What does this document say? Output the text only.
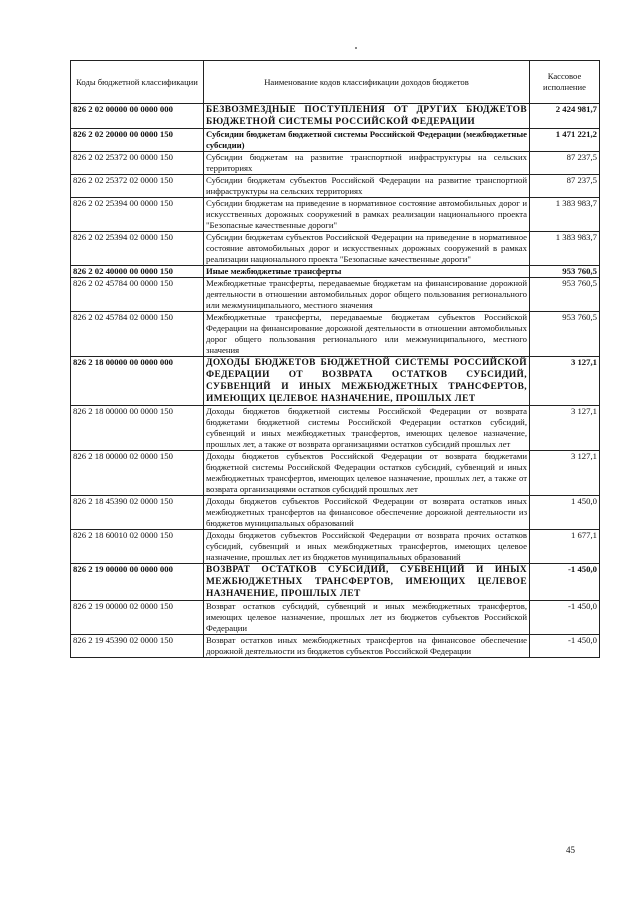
Коды бюджетной классификации	Наименование кодов классификации доходов бюджетов	Кассовое исполнение
826 2 02 00000 00 0000 000	БЕЗВОЗМЕЗДНЫЕ ПОСТУПЛЕНИЯ ОТ ДРУГИХ БЮДЖЕТОВ БЮДЖЕТНОЙ СИСТЕМЫ РОССИЙСКОЙ ФЕДЕРАЦИИ	2 424 981,7
826 2 02 20000 00 0000 150	Субсидии бюджетам бюджетной системы Российской Федерации (межбюджетные субсидии)	1 471 221,2
826 2 02 25372 00 0000 150	Субсидии бюджетам на развитие транспортной инфраструктуры на сельских территориях	87 237,5
826 2 02 25372 02 0000 150	Субсидии бюджетам субъектов Российской Федерации на развитие транспортной инфраструктуры на сельских территориях	87 237,5
826 2 02 25394 00 0000 150	Субсидии бюджетам на приведение в нормативное состояние автомобильных дорог и искусственных дорожных сооружений в рамках реализации национального проекта "Безопасные качественные дороги"	1 383 983,7
826 2 02 25394 02 0000 150	Субсидии бюджетам субъектов Российской Федерации на приведение в нормативное состояние автомобильных дорог и искусственных дорожных сооружений в рамках реализации национального проекта "Безопасные качественные дороги"	1 383 983,7
826 2 02 40000 00 0000 150	Иные межбюджетные трансферты	953 760,5
826 2 02 45784 00 0000 150	Межбюджетные трансферты, передаваемые бюджетам на финансирование дорожной деятельности в отношении автомобильных дорог общего пользования регионального или межмуниципального, местного значения	953 760,5
826 2 02 45784 02 0000 150	Межбюджетные трансферты, передаваемые бюджетам субъектов Российской Федерации на финансирование дорожной деятельности в отношении автомобильных дорог общего пользования регионального или межмуниципального, местного значения	953 760,5
826 2 18 00000 00 0000 000	ДОХОДЫ БЮДЖЕТОВ БЮДЖЕТНОЙ СИСТЕМЫ РОССИЙСКОЙ ФЕДЕРАЦИИ ОТ ВОЗВРАТА ОСТАТКОВ СУБСИДИЙ, СУБВЕНЦИЙ И ИНЫХ МЕЖБЮДЖЕТНЫХ ТРАНСФЕРТОВ, ИМЕЮЩИХ ЦЕЛЕВОЕ НАЗНАЧЕНИЕ, ПРОШЛЫХ ЛЕТ	3 127,1
826 2 18 00000 00 0000 150	Доходы бюджетов бюджетной системы Российской Федерации от возврата бюджетами бюджетной системы Российской Федерации остатков субсидий, субвенций и иных межбюджетных трансфертов, имеющих целевое назначение, прошлых лет, а также от возврата организациями остатков субсидий прошлых лет	3 127,1
826 2 18 00000 02 0000 150	Доходы бюджетов субъектов Российской Федерации от возврата бюджетами бюджетной системы Российской Федерации остатков субсидий, субвенций и иных межбюджетных трансфертов, имеющих целевое назначение, прошлых лет, а также от возврата организациями остатков субсидий прошлых лет	3 127,1
826 2 18 45390 02 0000 150	Доходы бюджетов субъектов Российской Федерации от возврата остатков иных межбюджетных трансфертов на финансовое обеспечение дорожной деятельности из бюджетов муниципальных образований	1 450,0
826 2 18 60010 02 0000 150	Доходы бюджетов субъектов Российской Федерации от возврата прочих остатков субсидий, субвенций и иных межбюджетных трансфертов, имеющих целевое назначение, прошлых лет из бюджетов муниципальных образований	1 677,1
826 2 19 00000 00 0000 000	ВОЗВРАТ ОСТАТКОВ СУБСИДИЙ, СУБВЕНЦИЙ И ИНЫХ МЕЖБЮДЖЕТНЫХ ТРАНСФЕРТОВ, ИМЕЮЩИХ ЦЕЛЕВОЕ НАЗНАЧЕНИЕ, ПРОШЛЫХ ЛЕТ	-1 450,0
826 2 19 00000 02 0000 150	Возврат остатков субсидий, субвенций и иных межбюджетных трансфертов, имеющих целевое назначение, прошлых лет из бюджетов субъектов Российской Федерации	-1 450,0
826 2 19 45390 02 0000 150	Возврат остатков иных межбюджетных трансфертов на финансовое обеспечение дорожной деятельности из бюджетов субъектов Российской Федерации	-1 450,0
45
